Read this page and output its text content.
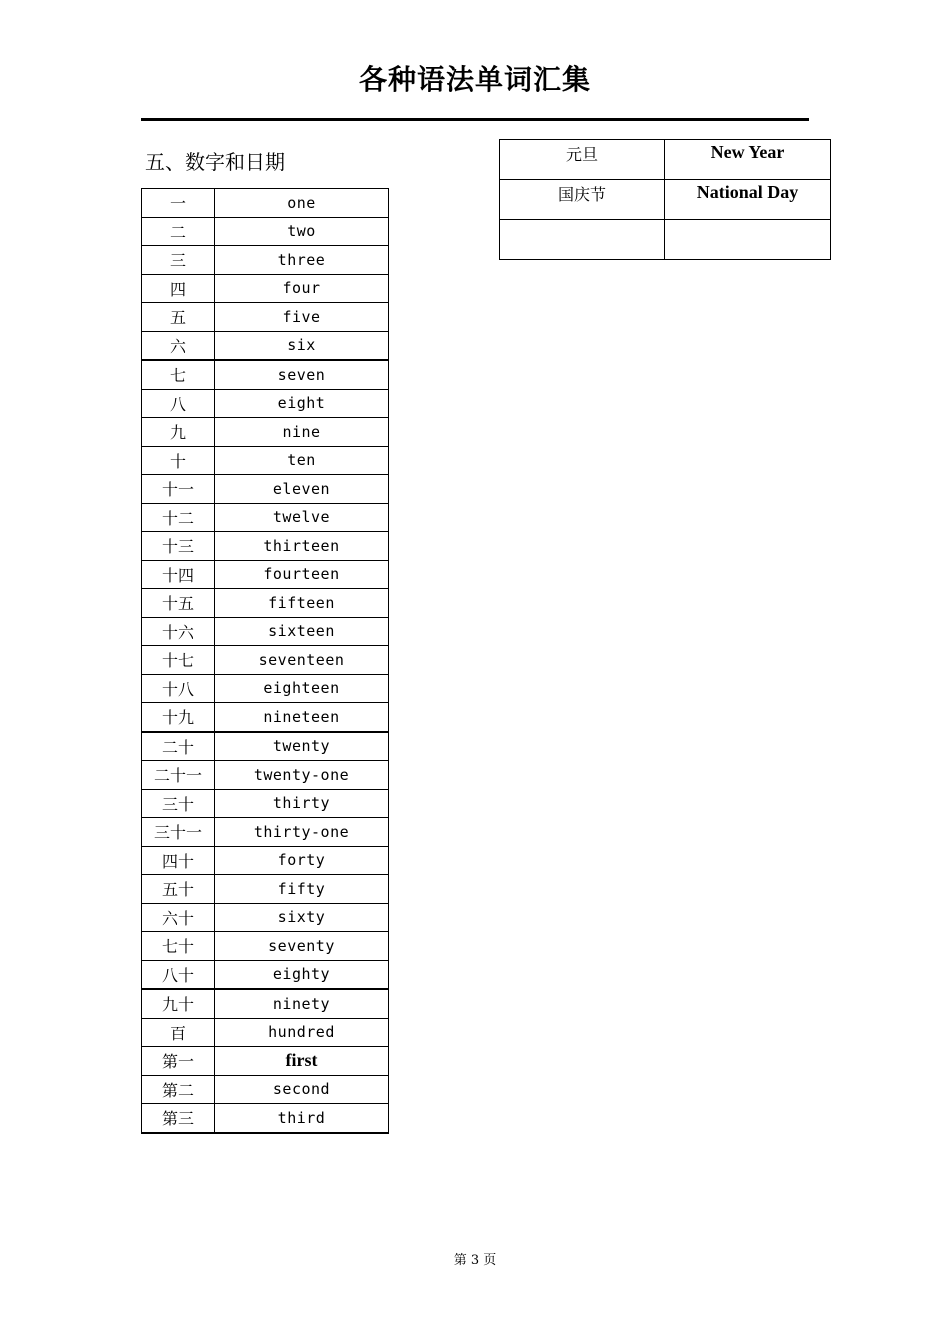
各种语法单词汇集
五、数字和日期
一	one
二	two
三	three
四	four
五	five
六	six
七	seven
八	eight
九	nine
十	ten
十一	eleven
十二	twelve
十三	thirteen
十四	fourteen
十五	fifteen
十六	sixteen
十七	seventeen
十八	eighteen
十九	nineteen
二十	twenty
二十一	twenty-one
三十	thirty
三十一	thirty-one
四十	forty
五十	fifty
六十	sixty
七十	seventy
八十	eighty
九十	ninety
百	hundred
第一	first
第二	second
第三	third
元旦	New Year
国庆节	National Day

第 3 页
